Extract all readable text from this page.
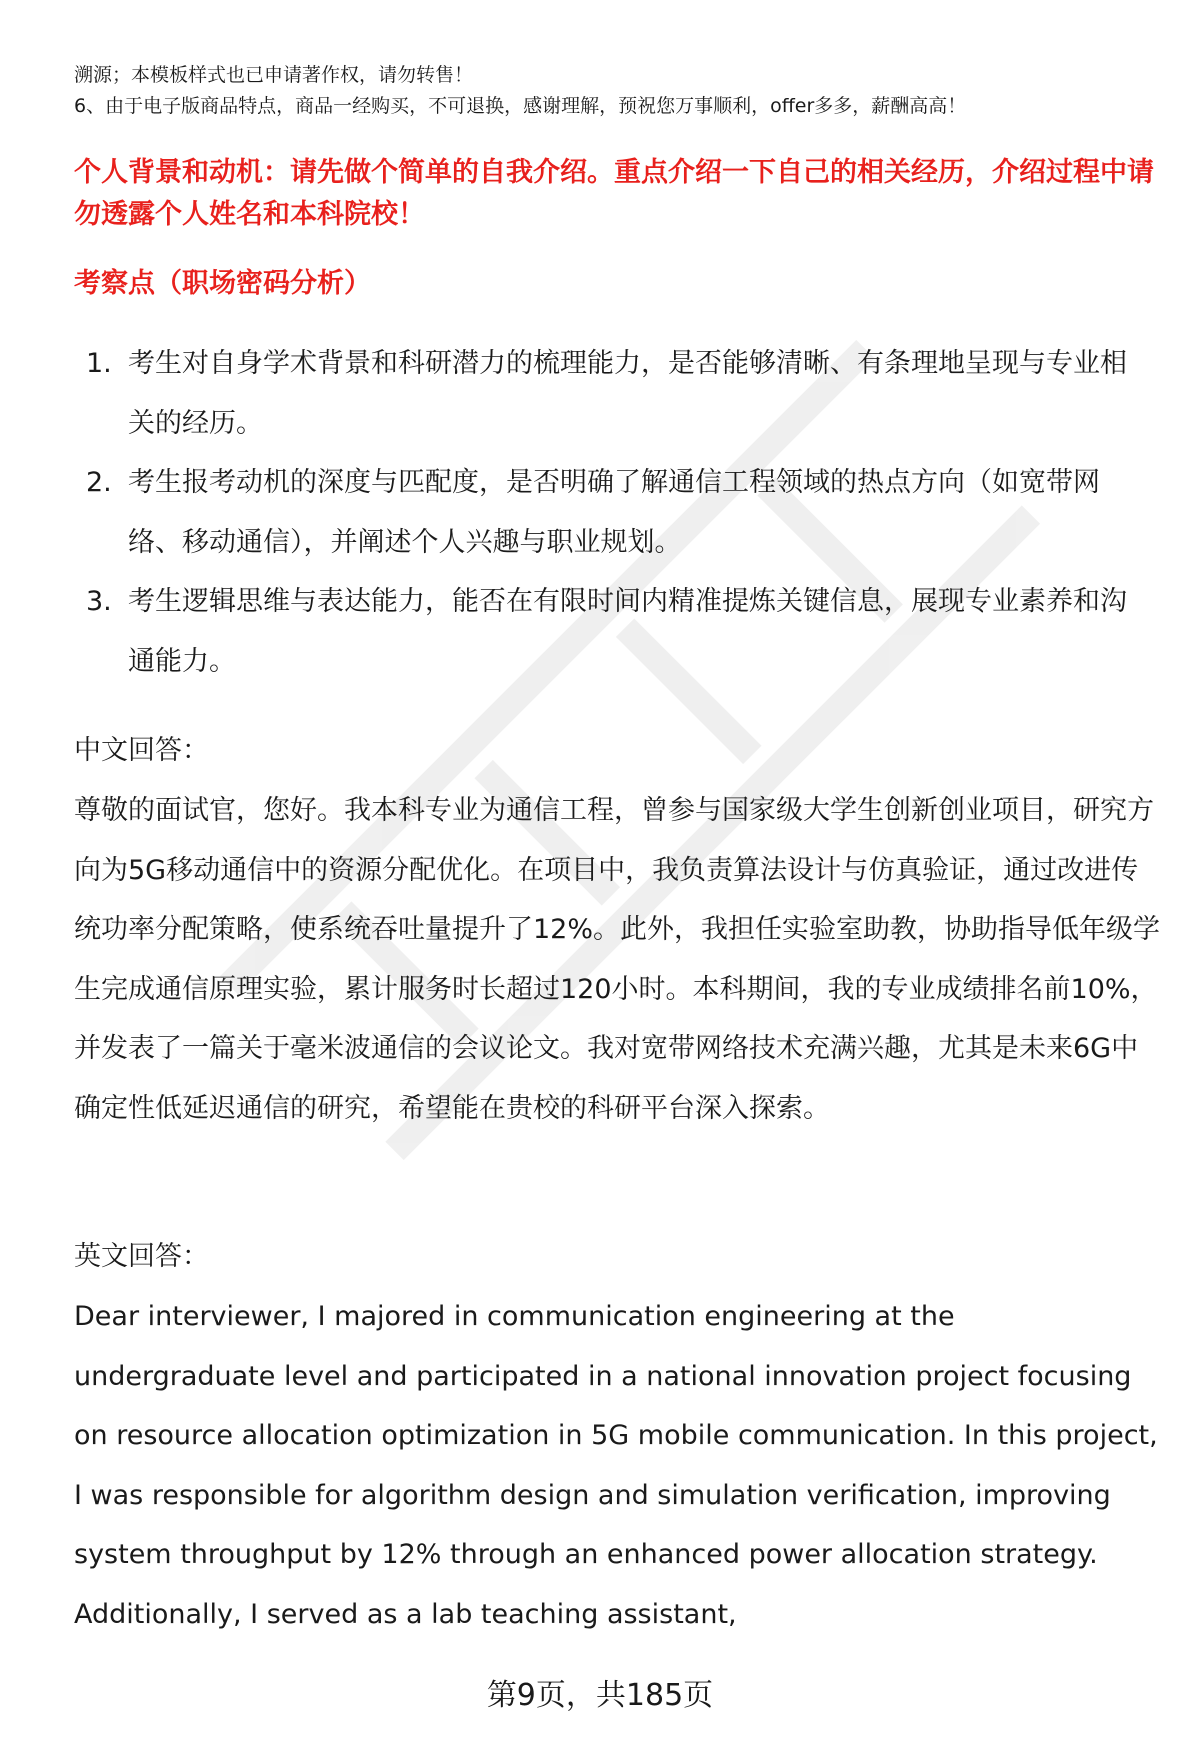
溯源；本模板样式也已申请著作权，请勿转售！

6、由于电子版商品特点，商品一经购买，不可退换，感谢理解，预祝您万事顺利，offer多多，薪酬高高！

个人背景和动机：请先做个简单的自我介绍。重点介绍一下自己的相关经历，介绍过程中请勿透露个人姓名和本科院校！

考察点（职场密码分析）

1. 考生对自身学术背景和科研潜力的梳理能力，是否能够清晰、有条理地呈现与专业相关的经历。
2. 考生报考动机的深度与匹配度，是否明确了解通信工程领域的热点方向（如宽带网络、移动通信），并阐述个人兴趣与职业规划。
3. 考生逻辑思维与表达能力，能否在有限时间内精准提炼关键信息，展现专业素养和沟通能力。

中文回答：

尊敬的面试官，您好。我本科专业为通信工程，曾参与国家级大学生创新创业项目，研究方向为5G移动通信中的资源分配优化。在项目中，我负责算法设计与仿真验证，通过改进传统功率分配策略，使系统吞吐量提升了12%。此外，我担任实验室助教，协助指导低年级学生完成通信原理实验，累计服务时长超过120小时。本科期间，我的专业成绩排名前10%，并发表了一篇关于毫米波通信的会议论文。我对宽带网络技术充满兴趣，尤其是未来6G中确定性低延迟通信的研究，希望能在贵校的科研平台深入探索。

英文回答：

Dear interviewer, I majored in communication engineering at the undergraduate level and participated in a national innovation project focusing on resource allocation optimization in 5G mobile communication. In this project, I was responsible for algorithm design and simulation verification, improving system throughput by 12% through an enhanced power allocation strategy. Additionally, I served as a lab teaching assistant,

第9页，共185页
